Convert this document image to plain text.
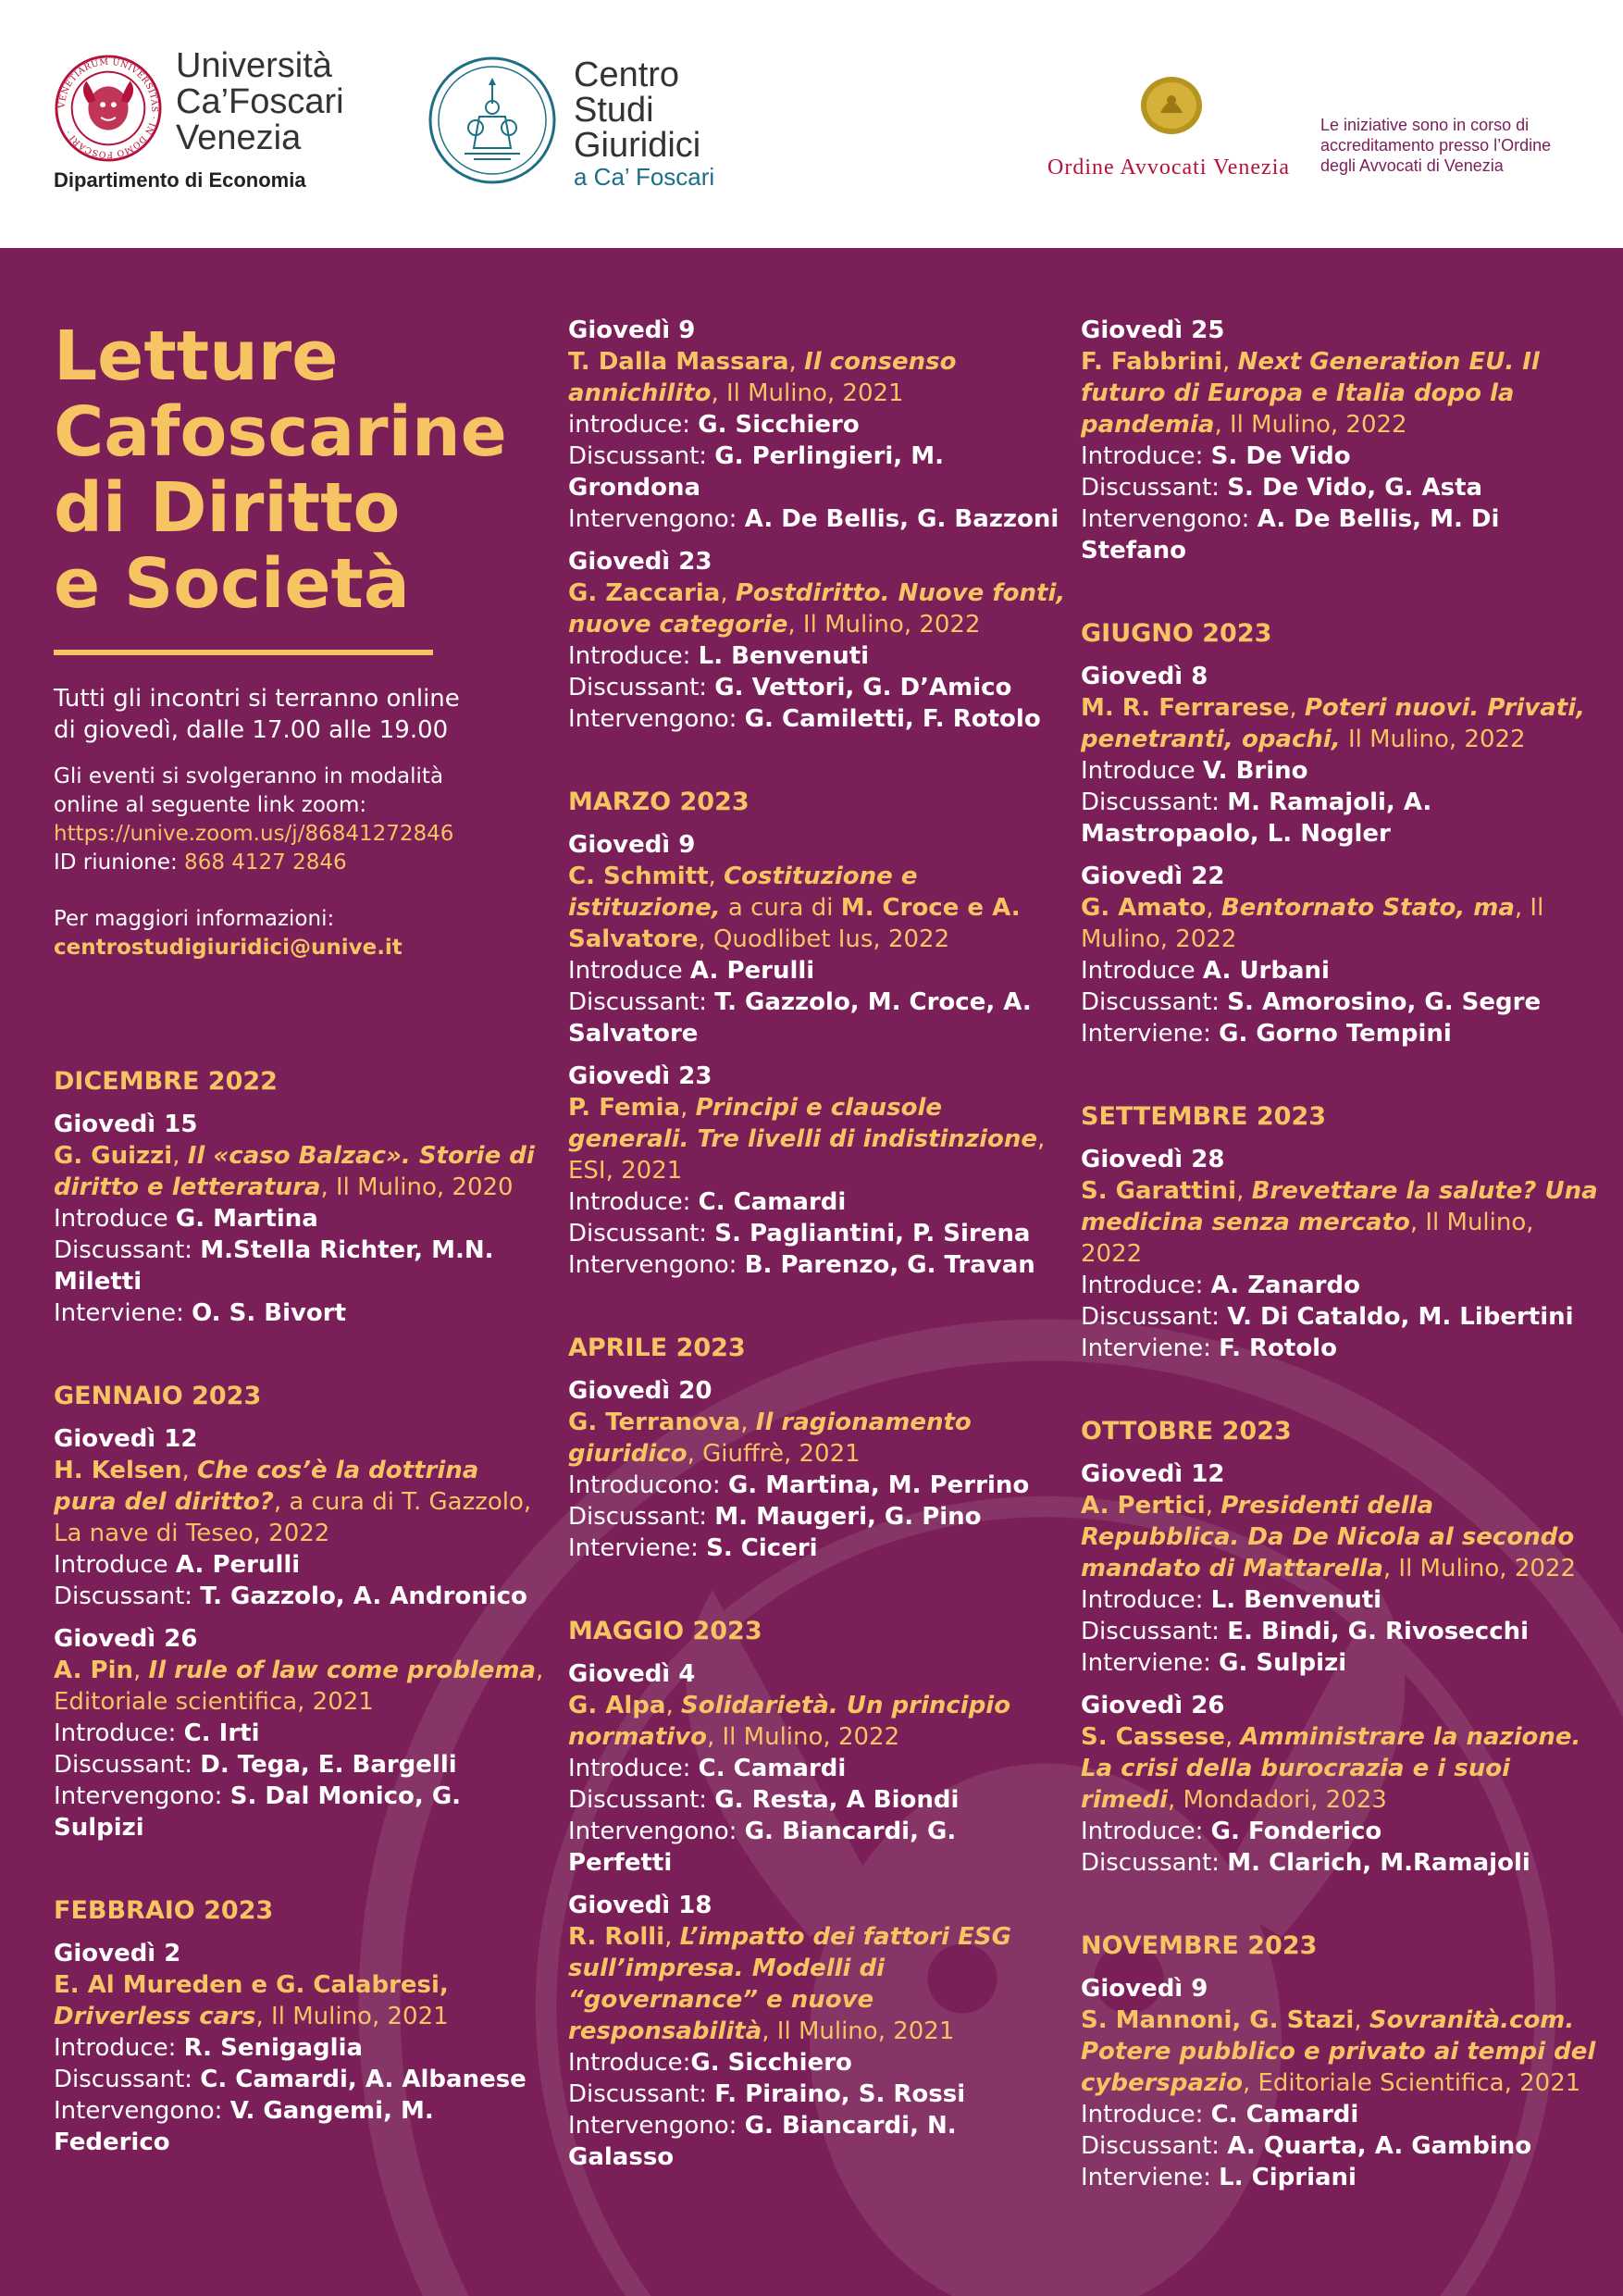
VENETIARUM UNIVERSITAS · IN DOMO FOSCARI ·
Università
Ca’Foscari
Venezia
Dipartimento di Economia
Centro
Studi
Giuridici
a Ca’ Foscari	Ordine Avvocati Venezia
Le iniziative sono in corso di
accreditamento presso l’Ordine
degli Avvocati di Venezia

Letture

Cafoscarine

di Diritto

e Società

Tutti gli incontri si terranno online
di giovedì, dalle 17.00 alle 19.00
Gli eventi si svolgeranno in modalità
online al seguente link zoom:
https://unive.zoom.us/j/86841272846
ID riunione: 868 4127 2846
Per maggiori informazioni:
centrostudigiuridici@unive.it

DICEMBRE 2022

Giovedì 15

G. Guizzi, Il «caso Balzac». Storie di diritto e letteratura, Il Mulino, 2020

Introduce G. Martina

Discussant: M.Stella Richter, M.N. Miletti

Interviene: O. S. Bivort

GENNAIO 2023

Giovedì 12

H. Kelsen, Che cos’è la dottrina pura del diritto?, a cura di T. Gazzolo,

La nave di Teseo, 2022

Introduce A. Perulli

Discussant: T. Gazzolo, A. Andronico

Giovedì 26

A. Pin, Il rule of law come problema, Editoriale scientifica, 2021

Introduce: C. Irti

Discussant: D. Tega, E. Bargelli

Intervengono: S. Dal Monico, G. Sulpizi

FEBBRAIO 2023

Giovedì 2

E. Al Mureden e G. Calabresi,

Driverless cars, Il Mulino, 2021

Introduce: R. Senigaglia

Discussant: C. Camardi, A. Albanese

Intervengono: V. Gangemi, M. Federico

Giovedì 9

T. Dalla Massara, Il consenso annichilito, Il Mulino, 2021

introduce: G. Sicchiero

Discussant: G. Perlingieri, M. Grondona

Intervengono: A. De Bellis, G. Bazzoni

Giovedì 23

G. Zaccaria, Postdiritto. Nuove fonti, nuove categorie, Il Mulino, 2022

Introduce: L. Benvenuti

Discussant: G. Vettori, G. D’Amico

Intervengono: G. Camiletti, F. Rotolo

MARZO 2023

Giovedì 9

C. Schmitt, Costituzione e istituzione, a cura di M. Croce e A. Salvatore, Quodlibet Ius, 2022

Introduce A. Perulli

Discussant: T. Gazzolo, M. Croce, A. Salvatore

Giovedì 23

P. Femia, Principi e clausole generali. Tre livelli di indistinzione, ESI, 2021

Introduce: C. Camardi

Discussant: S. Pagliantini, P. Sirena

Intervengono: B. Parenzo, G. Travan

APRILE 2023

Giovedì 20

G. Terranova, Il ragionamento giuridico, Giuffrè, 2021

Introducono: G. Martina, M. Perrino

Discussant: M. Maugeri, G. Pino

Interviene: S. Ciceri

MAGGIO 2023

Giovedì 4

G. Alpa, Solidarietà. Un principio normativo, Il Mulino, 2022

Introduce: C. Camardi

Discussant: G. Resta, A Biondi

Intervengono: G. Biancardi, G. Perfetti

Giovedì 18

R. Rolli, L’impatto dei fattori ESG sull’impresa. Modelli di “governance” e nuove responsabilità, Il Mulino, 2021

Introduce:G. Sicchiero

Discussant: F. Piraino, S. Rossi

Intervengono: G. Biancardi, N. Galasso

Giovedì 25

F. Fabbrini, Next Generation EU. Il futuro di Europa e Italia dopo la pandemia, Il Mulino, 2022

Introduce: S. De Vido

Discussant: S. De Vido, G. Asta

Intervengono: A. De Bellis, M. Di Stefano

GIUGNO 2023

Giovedì 8

M. R. Ferrarese, Poteri nuovi. Privati, penetranti, opachi, Il Mulino, 2022

Introduce V. Brino

Discussant: M. Ramajoli, A. Mastropaolo, L. Nogler

Giovedì 22

G. Amato, Bentornato Stato, ma, Il Mulino, 2022

Introduce A. Urbani

Discussant: S. Amorosino, G. Segre

Interviene: G. Gorno Tempini

SETTEMBRE 2023

Giovedì 28

S. Garattini, Brevettare la salute? Una medicina senza mercato, Il Mulino, 2022

Introduce: A. Zanardo

Discussant: V. Di Cataldo, M. Libertini

Interviene: F. Rotolo

OTTOBRE 2023

Giovedì 12

A. Pertici, Presidenti della Repubblica. Da De Nicola al secondo mandato di Mattarella, Il Mulino, 2022

Introduce: L. Benvenuti

Discussant: E. Bindi, G. Rivosecchi

Interviene: G. Sulpizi

Giovedì 26

S. Cassese, Amministrare la nazione. La crisi della burocrazia e i suoi rimedi, Mondadori, 2023

Introduce: G. Fonderico

Discussant: M. Clarich, M.Ramajoli

NOVEMBRE 2023

Giovedì 9

S. Mannoni, G. Stazi, Sovranità.com. Potere pubblico e privato ai tempi del cyberspazio, Editoriale Scientifica, 2021

Introduce: C. Camardi

Discussant: A. Quarta, A. Gambino

Interviene: L. Cipriani
